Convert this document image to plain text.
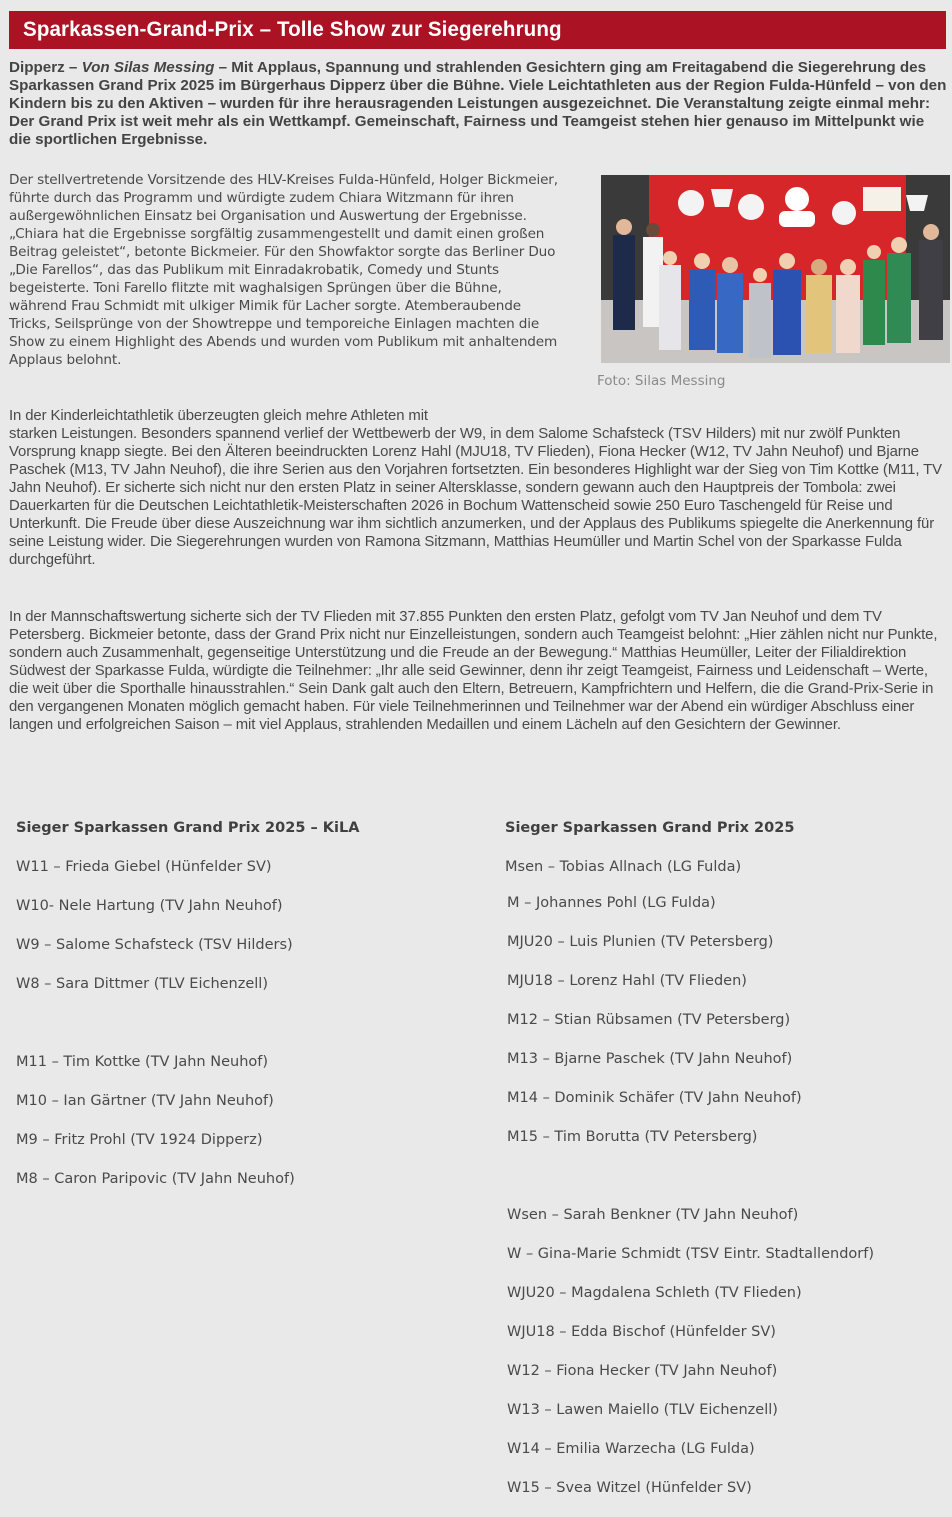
Sparkassen-Grand-Prix – Tolle Show zur Siegerehrung

Dipperz – Von Silas Messing – Mit Applaus, Spannung und strahlenden Gesichtern ging am Freitagabend die Siegerehrung des Sparkassen Grand Prix 2025 im Bürgerhaus Dipperz über die Bühne. Viele Leichtathleten aus der Region Fulda-Hünfeld – von den Kindern bis zu den Aktiven – wurden für ihre herausragenden Leistungen ausgezeichnet. Die Veranstaltung zeigte einmal mehr: Der Grand Prix ist weit mehr als ein Wettkampf. Gemeinschaft, Fairness und Teamgeist stehen hier genauso im Mittelpunkt wie die sportlichen Ergebnisse.

Der stellvertretende Vorsitzende des HLV-Kreises Fulda-Hünfeld, Holger Bickmeier, führte durch das Programm und würdigte zudem Chiara Witzmann für ihren außergewöhnlichen Einsatz bei Organisation und Auswertung der Ergebnisse. „Chiara hat die Ergebnisse sorgfältig zusammengestellt und damit einen großen Beitrag geleistet“, betonte Bickmeier. Für den Showfaktor sorgte das Berliner Duo „Die Farellos“, das das Publikum mit Einradakrobatik, Comedy und Stunts begeisterte. Toni Farello flitzte mit waghalsigen Sprüngen über die Bühne, während Frau Schmidt mit ulkiger Mimik für Lacher sorgte. Atemberaubende Tricks, Seilsprünge von der Showtreppe und temporeiche Einlagen machten die Show zu einem Highlight des Abends und wurden vom Publikum mit anhaltendem Applaus belohnt.

Foto: Silas Messing

In der Kinderleichtathletik überzeugten gleich mehre Athleten mit
starken Leistungen. Besonders spannend verlief der Wettbewerb der W9, in dem Salome Schafsteck (TSV Hilders) mit nur zwölf Punkten Vorsprung knapp siegte. Bei den Älteren beeindruckten Lorenz Hahl (MJU18, TV Flieden), Fiona Hecker (W12, TV Jahn Neuhof) und Bjarne Paschek (M13, TV Jahn Neuhof), die ihre Serien aus den Vorjahren fortsetzten. Ein besonderes Highlight war der Sieg von Tim Kottke (M11, TV Jahn Neuhof). Er sicherte sich nicht nur den ersten Platz in seiner Altersklasse, sondern gewann auch den Hauptpreis der Tombola: zwei Dauerkarten für die Deutschen Leichtathletik-Meisterschaften 2026 in Bochum Wattenscheid sowie 250 Euro Taschengeld für Reise und Unterkunft. Die Freude über diese Auszeichnung war ihm sichtlich anzumerken, und der Applaus des Publikums spiegelte die Anerkennung für seine Leistung wider. Die Siegerehrungen wurden von Ramona Sitzmann, Matthias Heumüller und Martin Schel von der Sparkasse Fulda durchgeführt.

In der Mannschaftswertung sicherte sich der TV Flieden mit 37.855 Punkten den ersten Platz, gefolgt vom TV Jan Neuhof und dem TV Petersberg. Bickmeier betonte, dass der Grand Prix nicht nur Einzelleistungen, sondern auch Teamgeist belohnt: „Hier zählen nicht nur Punkte, sondern auch Zusammenhalt, gegenseitige Unterstützung und die Freude an der Bewegung.“ Matthias Heumüller, Leiter der Filialdirektion Südwest der Sparkasse Fulda, würdigte die Teilnehmer: „Ihr alle seid Gewinner, denn ihr zeigt Teamgeist, Fairness und Leidenschaft – Werte, die weit über die Sporthalle hinausstrahlen.“ Sein Dank galt auch den Eltern, Betreuern, Kampfrichtern und Helfern, die die Grand-Prix-Serie in den vergangenen Monaten möglich gemacht haben. Für viele Teilnehmerinnen und Teilnehmer war der Abend ein würdiger Abschluss einer langen und erfolgreichen Saison – mit viel Applaus, strahlenden Medaillen und einem Lächeln auf den Gesichtern der Gewinner.

Sieger Sparkassen Grand Prix 2025 – KiLA
W11 – Frieda Giebel (Hünfelder SV)
W10- Nele Hartung (TV Jahn Neuhof)
W9 – Salome Schafsteck (TSV Hilders)
W8 – Sara Dittmer (TLV Eichenzell)
M11 – Tim Kottke (TV Jahn Neuhof)
M10 – Ian Gärtner (TV Jahn Neuhof)
M9 – Fritz Prohl (TV 1924 Dipperz)
M8 – Caron Paripovic (TV Jahn Neuhof)
Sieger Sparkassen Grand Prix 2025
Msen – Tobias Allnach (LG Fulda)
M – Johannes Pohl (LG Fulda)
MJU20 – Luis Plunien (TV Petersberg)
MJU18 – Lorenz Hahl (TV Flieden)
M12 – Stian Rübsamen (TV Petersberg)
M13 – Bjarne Paschek (TV Jahn Neuhof)
M14 – Dominik Schäfer (TV Jahn Neuhof)
M15 – Tim Borutta (TV Petersberg)
Wsen – Sarah Benkner (TV Jahn Neuhof)
W – Gina-Marie Schmidt (TSV Eintr. Stadtallendorf)
WJU20 – Magdalena Schleth (TV Flieden)
WJU18 – Edda Bischof (Hünfelder SV)
W12 – Fiona Hecker (TV Jahn Neuhof)
W13 – Lawen Maiello (TLV Eichenzell)
W14 – Emilia Warzecha (LG Fulda)
W15 – Svea Witzel (Hünfelder SV)
